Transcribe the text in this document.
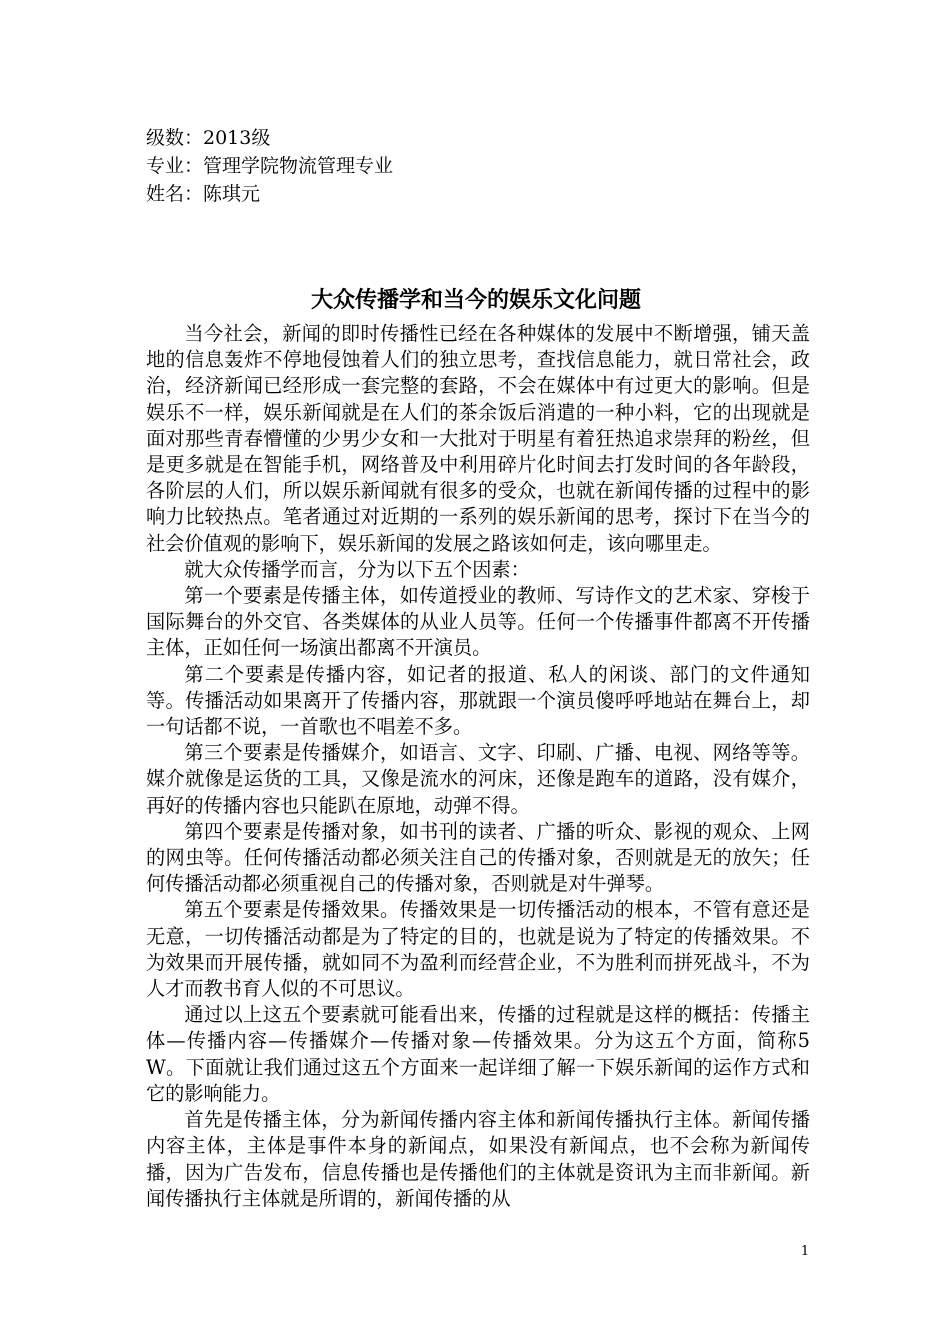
级数：2013级
专业：管理学院物流管理专业
姓名：陈琪元
大众传播学和当今的娱乐文化问题

当今社会，新闻的即时传播性已经在各种媒体的发展中不断增强，铺天盖地的信息轰炸不停地侵蚀着人们的独立思考，查找信息能力，就日常社会，政治，经济新闻已经形成一套完整的套路，不会在媒体中有过更大的影响。但是娱乐不一样，娱乐新闻就是在人们的茶余饭后消遣的一种小料，它的出现就是面对那些青春懵懂的少男少女和一大批对于明星有着狂热追求崇拜的粉丝，但是更多就是在智能手机，网络普及中利用碎片化时间去打发时间的各年龄段，各阶层的人们，所以娱乐新闻就有很多的受众，也就在新闻传播的过程中的影响力比较热点。笔者通过对近期的一系列的娱乐新闻的思考，探讨下在当今的社会价值观的影响下，娱乐新闻的发展之路该如何走，该向哪里走。

就大众传播学而言，分为以下五个因素：

第一个要素是传播主体，如传道授业的教师、写诗作文的艺术家、穿梭于国际舞台的外交官、各类媒体的从业人员等。任何一个传播事件都离不开传播主体，正如任何一场演出都离不开演员。

第二个要素是传播内容，如记者的报道、私人的闲谈、部门的文件通知等。传播活动如果离开了传播内容，那就跟一个演员傻呼呼地站在舞台上，却一句话都不说，一首歌也不唱差不多。

第三个要素是传播媒介，如语言、文字、印刷、广播、电视、网络等等。媒介就像是运货的工具，又像是流水的河床，还像是跑车的道路，没有媒介，再好的传播内容也只能趴在原地，动弹不得。

第四个要素是传播对象，如书刊的读者、广播的听众、影视的观众、上网的网虫等。任何传播活动都必须关注自己的传播对象，否则就是无的放矢；任何传播活动都必须重视自己的传播对象，否则就是对牛弹琴。

第五个要素是传播效果。传播效果是一切传播活动的根本，不管有意还是无意，一切传播活动都是为了特定的目的，也就是说为了特定的传播效果。不为效果而开展传播，就如同不为盈利而经营企业，不为胜利而拼死战斗，不为人才而教书育人似的不可思议。

通过以上这五个要素就可能看出来，传播的过程就是这样的概括：传播主体—传播内容—传播媒介—传播对象—传播效果。分为这五个方面，简称5W。下面就让我们通过这五个方面来一起详细了解一下娱乐新闻的运作方式和它的影响能力。

首先是传播主体，分为新闻传播内容主体和新闻传播执行主体。新闻传播内容主体，主体是事件本身的新闻点，如果没有新闻点，也不会称为新闻传播，因为广告发布，信息传播也是传播他们的主体就是资讯为主而非新闻。新闻传播执行主体就是所谓的，新闻传播的从

1
